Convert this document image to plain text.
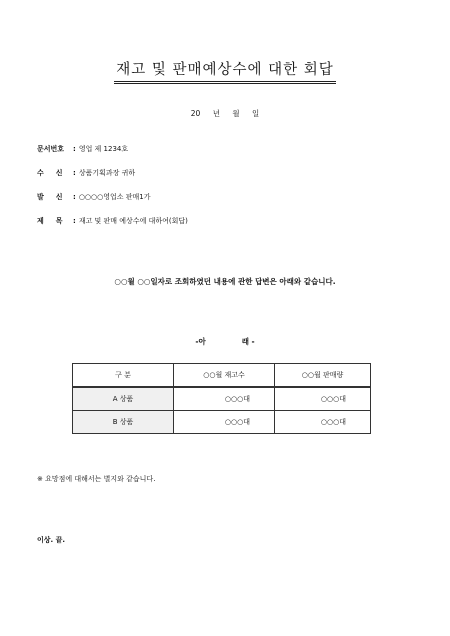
재고 및 판매예상수에 대한 회답
20 년 월 일
문서번호 : 영업 제 1234호
수 신 : 상품기획과장 귀하
발 신 : ○○○○영업소 판매1가
제 목 : 재고 및 판매 예상수에 대하여(회답)
○○월 ○○일자로 조회하였던 내용에 관한 답변은 아래와 같습니다.
-아	래 -
구 분	○○월 재고수	○○월 판매량
A 상품	○○○대	○○○대
B 상품	○○○대	○○○대
※ 요망점에 대해서는 별지와 같습니다.
이상. 끝.
